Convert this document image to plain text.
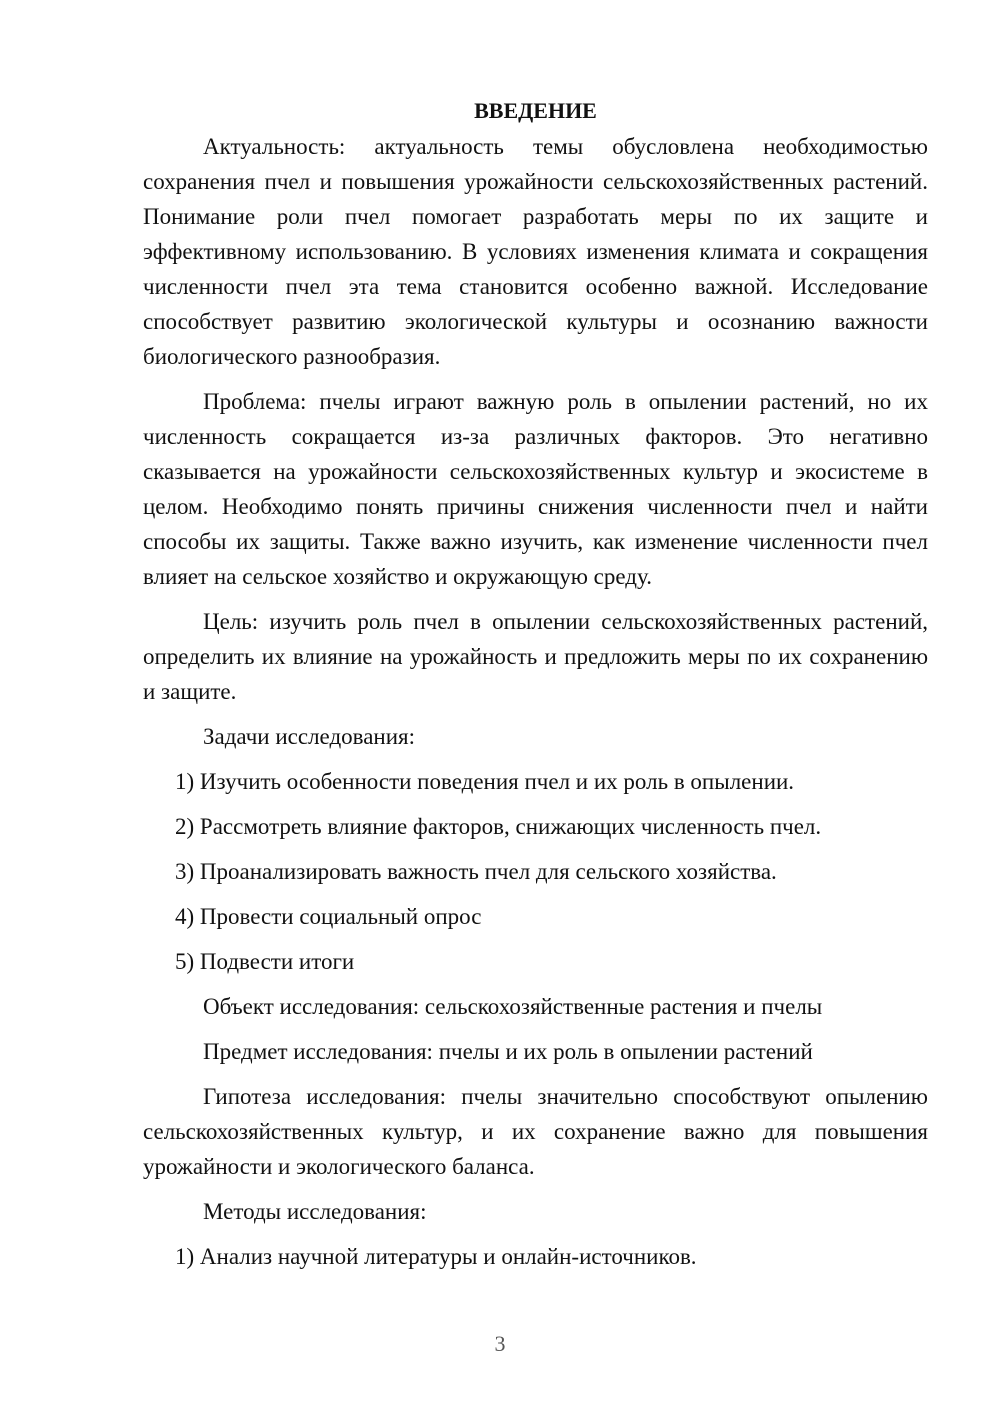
ВВЕДЕНИЕ

Актуальность: актуальность темы обусловлена необходимостью сохранения пчел и повышения урожайности сельскохозяйственных растений. Понимание роли пчел помогает разработать меры по их защите и эффективному использованию. В условиях изменения климата и сокращения численности пчел эта тема становится особенно важной. Исследование способствует развитию экологической культуры и осознанию важности биологического разнообразия.

Проблема: пчелы играют важную роль в опылении растений, но их численность сокращается из-за различных факторов. Это негативно сказывается на урожайности сельскохозяйственных культур и экосистеме в целом. Необходимо понять причины снижения численности пчел и найти способы их защиты. Также важно изучить, как изменение численности пчел влияет на сельское хозяйство и окружающую среду.

Цель: изучить роль пчел в опылении сельскохозяйственных растений, определить их влияние на урожайность и предложить меры по их сохранению и защите.

Задачи исследования:

1) Изучить особенности поведения пчел и их роль в опылении.

2) Рассмотреть влияние факторов, снижающих численность пчел.

3) Проанализировать важность пчел для сельского хозяйства.

4) Провести социальный опрос

5) Подвести итоги

Объект исследования: сельскохозяйственные растения и пчелы

Предмет исследования: пчелы и их роль в опылении растений

Гипотеза исследования: пчелы значительно способствуют опылению сельскохозяйственных культур, и их сохранение важно для повышения урожайности и экологического баланса.

Методы исследования:

1) Анализ научной литературы и онлайн-источников.

3
